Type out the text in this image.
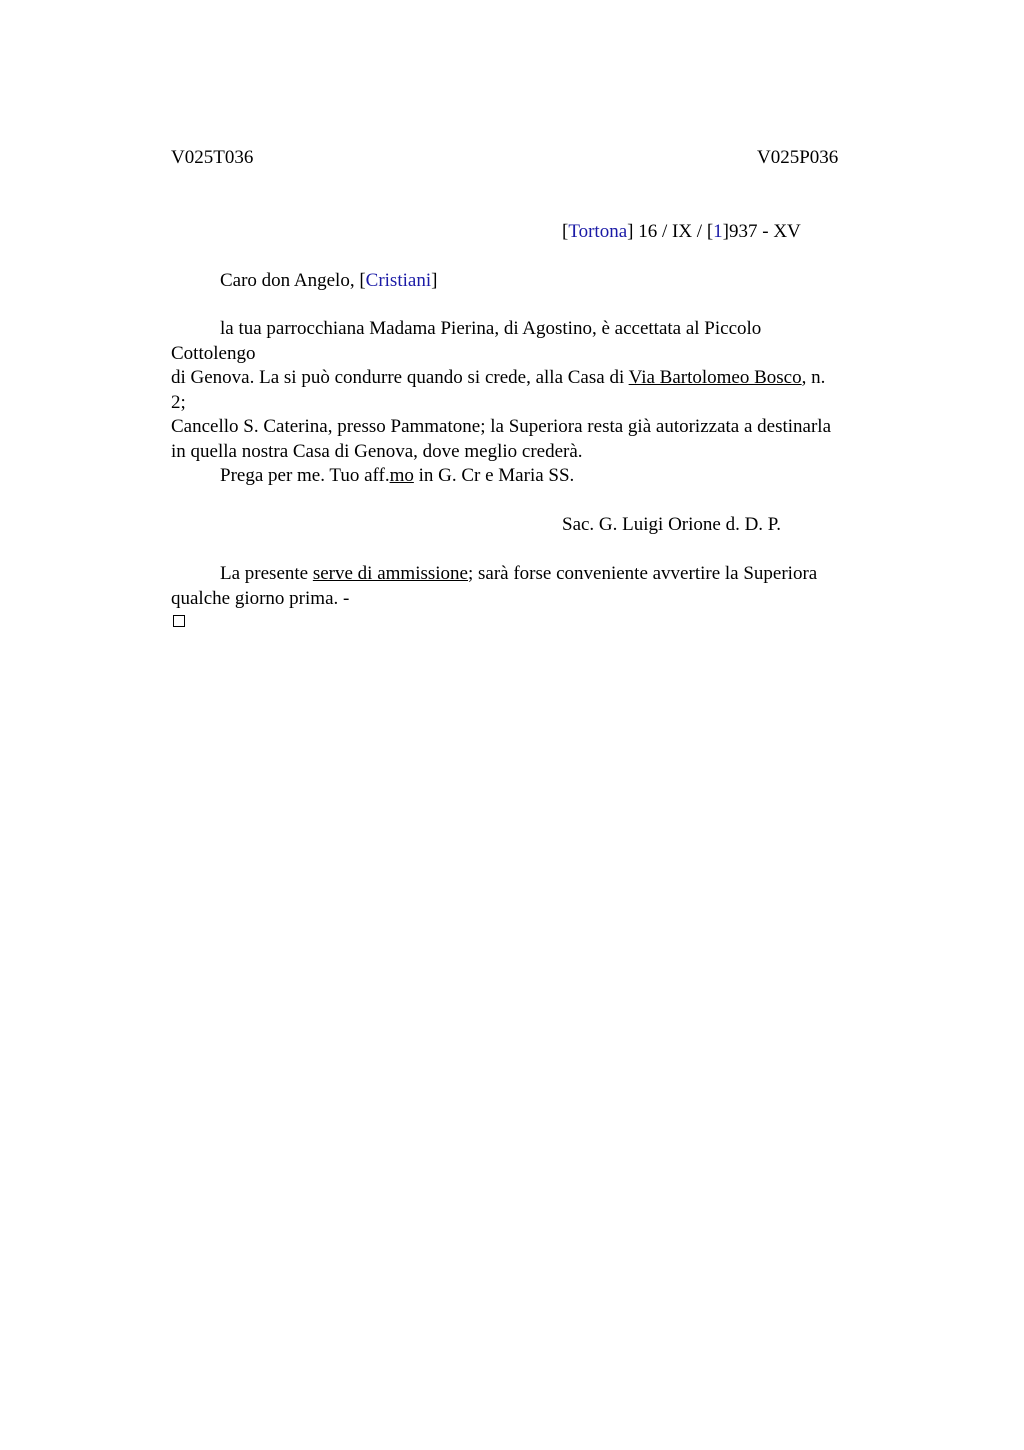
V025T036	V025P036
[Tortona] 16 / IX / [1]937 - XV
Caro don Angelo, [Cristiani]
la tua parrocchiana Madama Pierina, di Agostino, è accettata al Piccolo
Cottolengo
di Genova. La si può condurre quando si crede, alla Casa di Via Bartolomeo Bosco, n.
2;
Cancello S. Caterina, presso Pammatone; la Superiora resta già autorizzata a destinarla
in quella nostra Casa di Genova, dove meglio crederà.
Prega per me. Tuo aff.mo in G. Cr e Maria SS.
Sac. G. Luigi Orione d. D. P.
La presente serve di ammissione; sarà forse conveniente avvertire la Superiora
qualche giorno prima. -
